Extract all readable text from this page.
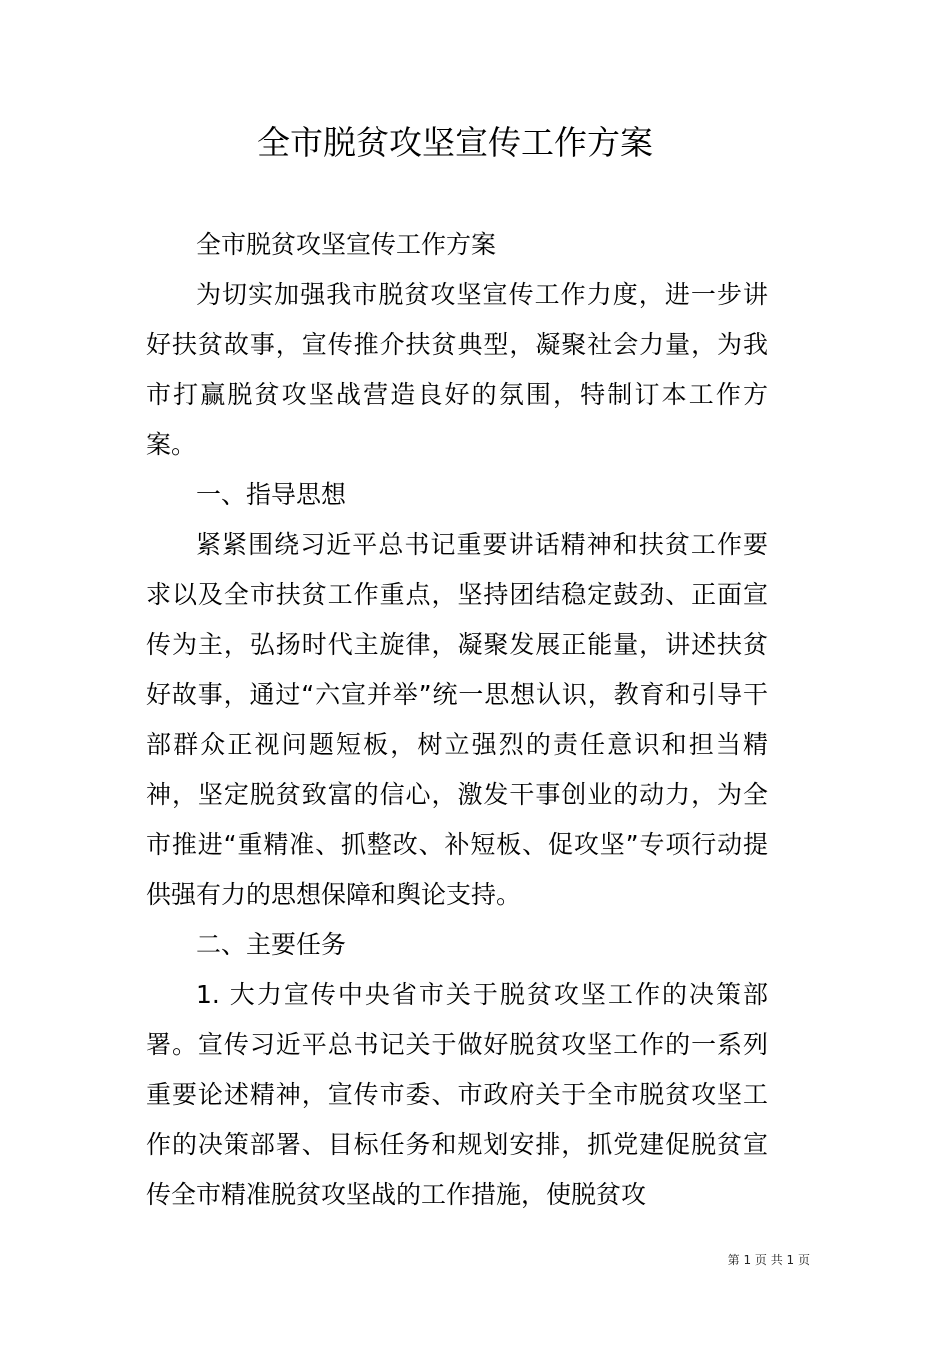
全市脱贫攻坚宣传工作方案

全市脱贫攻坚宣传工作方案

为切实加强我市脱贫攻坚宣传工作力度，进一步讲好扶贫故事，宣传推介扶贫典型，凝聚社会力量，为我市打赢脱贫攻坚战营造良好的氛围，特制订本工作方案。

一、指导思想

紧紧围绕习近平总书记重要讲话精神和扶贫工作要求以及全市扶贫工作重点，坚持团结稳定鼓劲、正面宣传为主，弘扬时代主旋律，凝聚发展正能量，讲述扶贫好故事，通过“六宣并举”统一思想认识，教育和引导干部群众正视问题短板，树立强烈的责任意识和担当精神，坚定脱贫致富的信心，激发干事创业的动力，为全市推进“重精准、抓整改、补短板、促攻坚”专项行动提供强有力的思想保障和舆论支持。

二、主要任务

1. 大力宣传中央省市关于脱贫攻坚工作的决策部署。宣传习近平总书记关于做好脱贫攻坚工作的一系列重要论述精神，宣传市委、市政府关于全市脱贫攻坚工作的决策部署、目标任务和规划安排，抓党建促脱贫宣传全市精准脱贫攻坚战的工作措施，使脱贫攻

第 1 页 共 1 页
